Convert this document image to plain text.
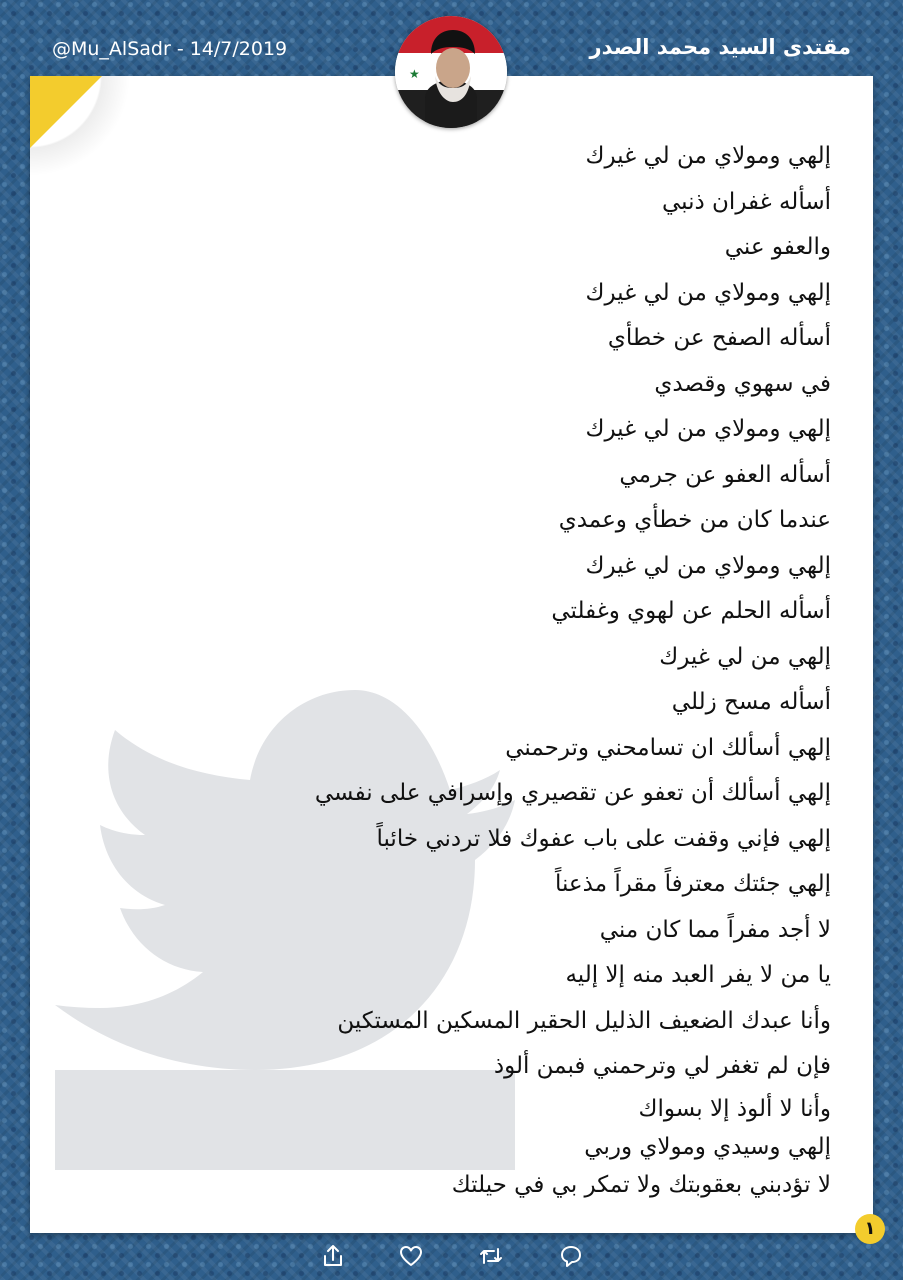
@Mu_AlSadr - 14/7/2019	مقتدى السيد محمد الصدر
★
إلهي ومولاي من لي غيرك
أسأله غفران ذنبي
والعفو عني
إلهي ومولاي من لي غيرك
أسأله الصفح عن خطأي
في سهوي وقصدي
إلهي ومولاي من لي غيرك
أسأله العفو عن جرمي
عندما كان من خطأي وعمدي
إلهي ومولاي من لي غيرك
أسأله الحلم عن لهوي وغفلتي
إلهي من لي غيرك
أسأله مسح زللي
إلهي أسألك ان تسامحني وترحمني
إلهي أسألك أن تعفو عن تقصيري وإسرافي على نفسي
إلهي فإني وقفت على باب عفوك فلا تردني خائباً
إلهي جئتك معترفاً مقراً مذعناً
لا أجد مفراً مما كان مني
يا من لا يفر العبد منه إلا إليه
وأنا عبدك الضعيف الذليل الحقير المسكين المستكين
فإن لم تغفر لي وترحمني فبمن ألوذ
وأنا لا ألوذ إلا بسواك
إلهي وسيدي ومولاي وربي
لا تؤدبني بعقوبتك ولا تمكر بي في حيلتك
١
